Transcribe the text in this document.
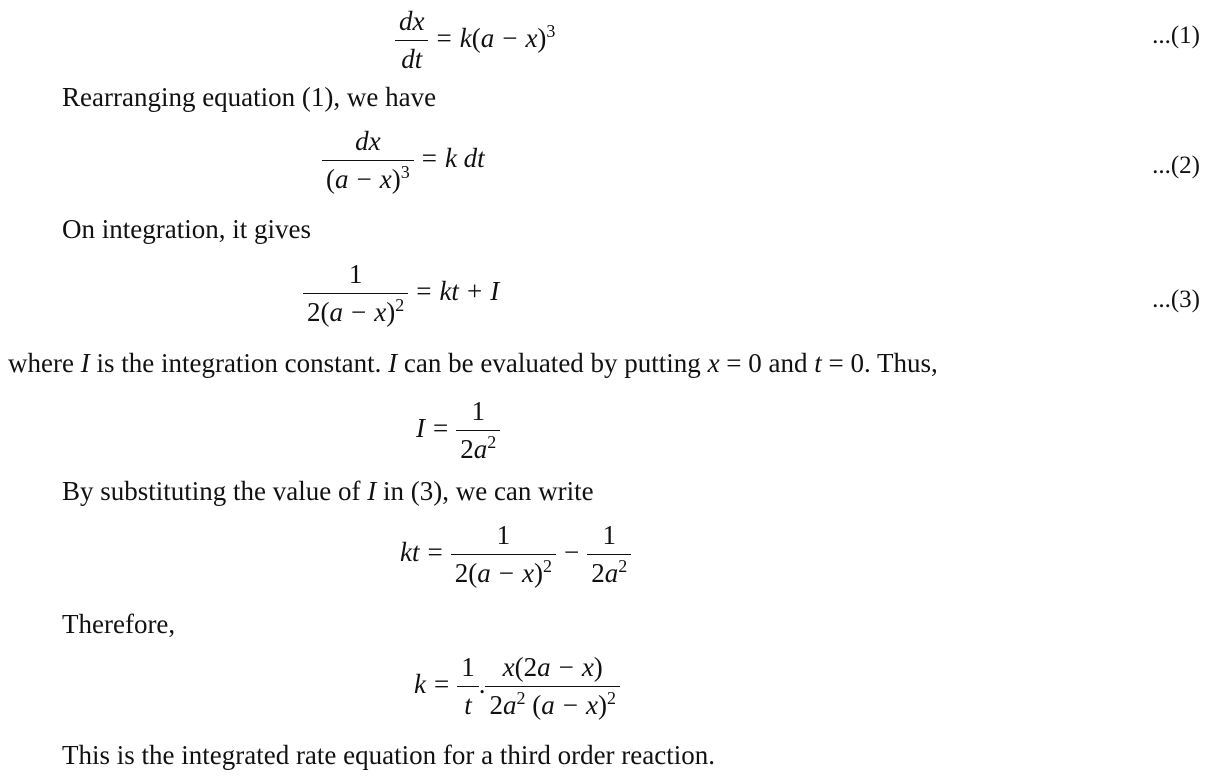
$\frac{dx}{dt} = k(a - x)^3$	...(1)
Rearranging equation (1), we have
$\frac{dx}{(a - x)^3} = k$ dt	...(2)
On integration, it gives
$\frac{1}{2(a - x)^2}$ = kt + I	...(3)
where I is the integration constant. I can be evaluated by putting x = 0 and t = 0. Thus,
$I = \frac{1}{2a^2}$
By substituting the value of I in (3), we can write
kt = $\frac{1}{2(a - x)^2} - \frac{1}{2a^2}$
Therefore,
$k = \frac{1}{t}$ . $\frac{x(2a - x)}{2a^2 (a - x)^2}$
This is the integrated rate equation for a third order reaction.
